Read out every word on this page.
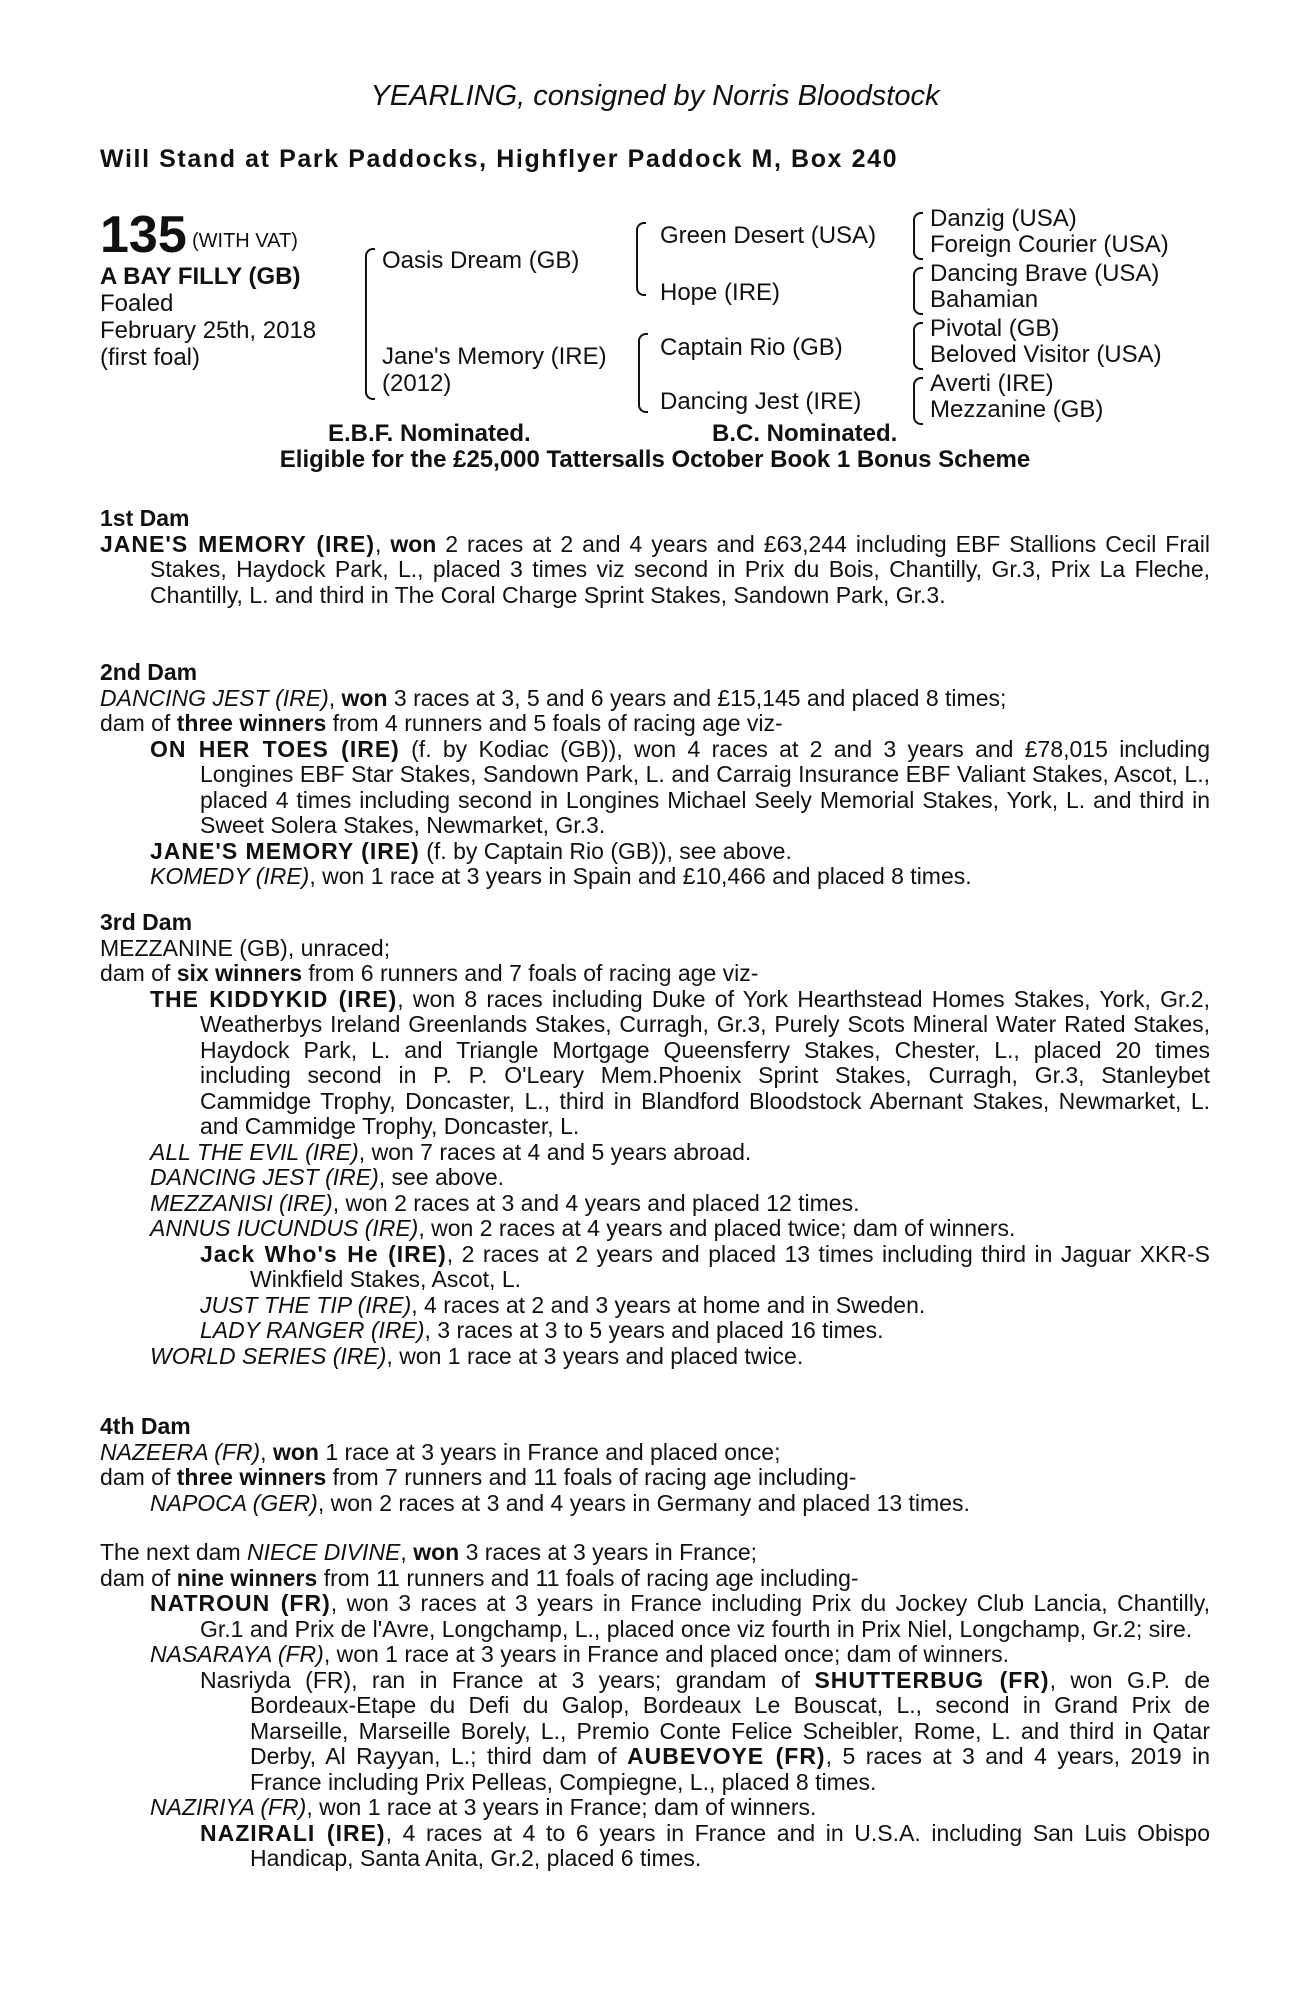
YEARLING, consigned by Norris Bloodstock
Will Stand at Park Paddocks, Highflyer Paddock M, Box 240
135 (WITH VAT)
A BAY FILLY (GB)
Foaled
February 25th, 2018
(first foal)
Oasis Dream (GB)
Jane's Memory (IRE)
(2012)
Green Desert (USA)
Hope (IRE)
Captain Rio (GB)
Dancing Jest (IRE)
Danzig (USA)
Foreign Courier (USA)
Dancing Brave (USA)
Bahamian
Pivotal (GB)
Beloved Visitor (USA)
Averti (IRE)
Mezzanine (GB)
E.B.F. Nominated.	B.C. Nominated.
Eligible for the £25,000 Tattersalls October Book 1 Bonus Scheme

1st Dam

JANE'S MEMORY (IRE), won 2 races at 2 and 4 years and £63,244 including EBF Stallions Cecil Frail Stakes, Haydock Park, L., placed 3 times viz second in Prix du Bois, Chantilly, Gr.3, Prix La Fleche, Chantilly, L. and third in The Coral Charge Sprint Stakes, Sandown Park, Gr.3.

2nd Dam

DANCING JEST (IRE), won 3 races at 3, 5 and 6 years and £15,145 and placed 8 times;

dam of three winners from 4 runners and 5 foals of racing age viz-

ON HER TOES (IRE) (f. by Kodiac (GB)), won 4 races at 2 and 3 years and £78,015 including Longines EBF Star Stakes, Sandown Park, L. and Carraig Insurance EBF Valiant Stakes, Ascot, L., placed 4 times including second in Longines Michael Seely Memorial Stakes, York, L. and third in Sweet Solera Stakes, Newmarket, Gr.3.

JANE'S MEMORY (IRE) (f. by Captain Rio (GB)), see above.

KOMEDY (IRE), won 1 race at 3 years in Spain and £10,466 and placed 8 times.

3rd Dam

MEZZANINE (GB), unraced;

dam of six winners from 6 runners and 7 foals of racing age viz-

THE KIDDYKID (IRE), won 8 races including Duke of York Hearthstead Homes Stakes, York, Gr.2, Weatherbys Ireland Greenlands Stakes, Curragh, Gr.3, Purely Scots Mineral Water Rated Stakes, Haydock Park, L. and Triangle Mortgage Queensferry Stakes, Chester, L., placed 20 times including second in P. P. O'Leary Mem.Phoenix Sprint Stakes, Curragh, Gr.3, Stanleybet Cammidge Trophy, Doncaster, L., third in Blandford Bloodstock Abernant Stakes, Newmarket, L. and Cammidge Trophy, Doncaster, L.

ALL THE EVIL (IRE), won 7 races at 4 and 5 years abroad.

DANCING JEST (IRE), see above.

MEZZANISI (IRE), won 2 races at 3 and 4 years and placed 12 times.

ANNUS IUCUNDUS (IRE), won 2 races at 4 years and placed twice; dam of winners.

Jack Who's He (IRE), 2 races at 2 years and placed 13 times including third in Jaguar XKR-S Winkfield Stakes, Ascot, L.

JUST THE TIP (IRE), 4 races at 2 and 3 years at home and in Sweden.

LADY RANGER (IRE), 3 races at 3 to 5 years and placed 16 times.

WORLD SERIES (IRE), won 1 race at 3 years and placed twice.

4th Dam

NAZEERA (FR), won 1 race at 3 years in France and placed once;

dam of three winners from 7 runners and 11 foals of racing age including-

NAPOCA (GER), won 2 races at 3 and 4 years in Germany and placed 13 times.

The next dam NIECE DIVINE, won 3 races at 3 years in France;

dam of nine winners from 11 runners and 11 foals of racing age including-

NATROUN (FR), won 3 races at 3 years in France including Prix du Jockey Club Lancia, Chantilly, Gr.1 and Prix de l'Avre, Longchamp, L., placed once viz fourth in Prix Niel, Longchamp, Gr.2; sire.

NASARAYA (FR), won 1 race at 3 years in France and placed once; dam of winners.

Nasriyda (FR), ran in France at 3 years; grandam of SHUTTERBUG (FR), won G.P. de Bordeaux-Etape du Defi du Galop, Bordeaux Le Bouscat, L., second in Grand Prix de Marseille, Marseille Borely, L., Premio Conte Felice Scheibler, Rome, L. and third in Qatar Derby, Al Rayyan, L.; third dam of AUBEVOYE (FR), 5 races at 3 and 4 years, 2019 in France including Prix Pelleas, Compiegne, L., placed 8 times.

NAZIRIYA (FR), won 1 race at 3 years in France; dam of winners.

NAZIRALI (IRE), 4 races at 4 to 6 years in France and in U.S.A. including San Luis Obispo Handicap, Santa Anita, Gr.2, placed 6 times.
